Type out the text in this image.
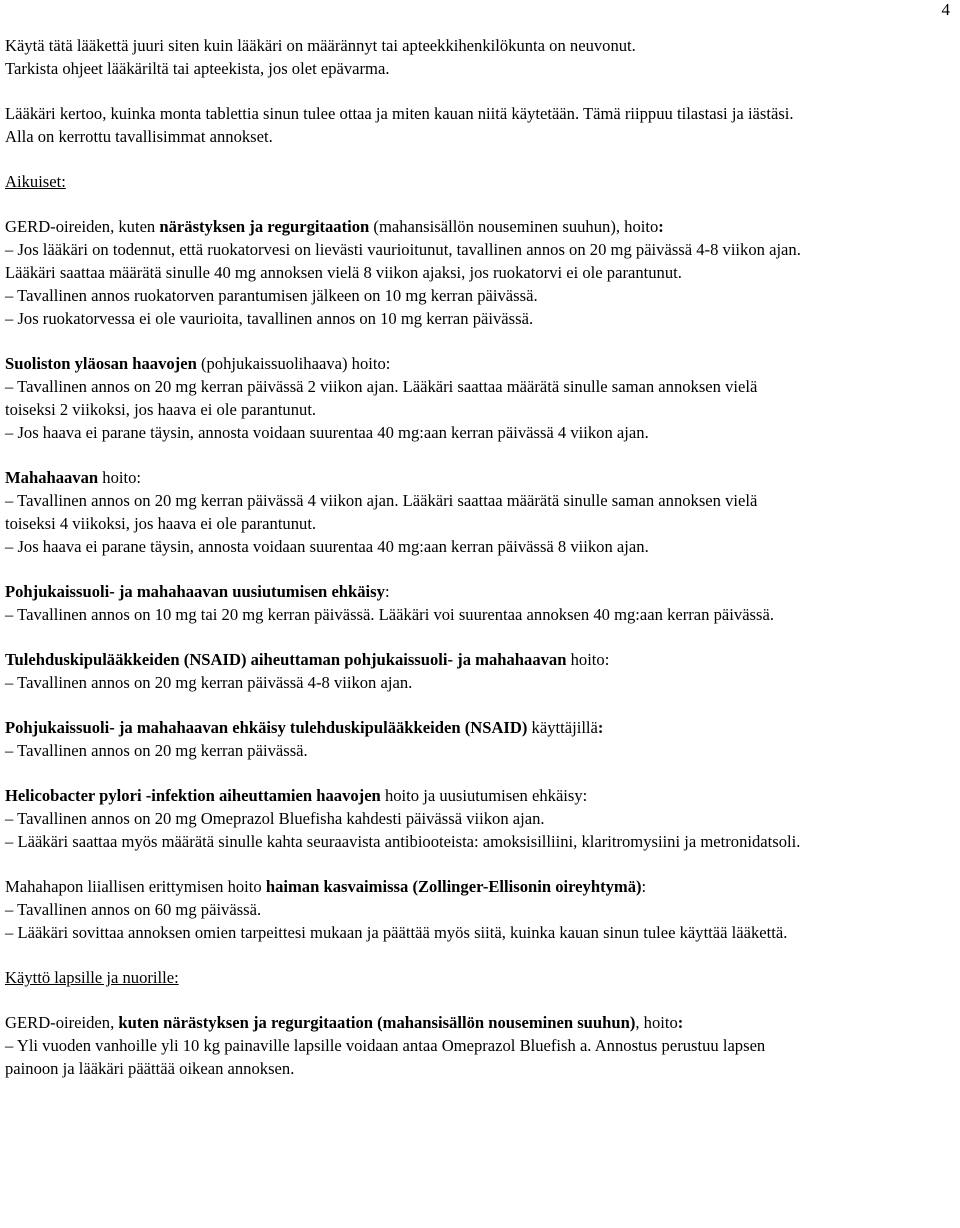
4

Käytä tätä lääkettä juuri siten kuin lääkäri on määrännyt tai apteekkihenkilökunta on neuvonut.
Tarkista ohjeet lääkäriltä tai apteekista, jos olet epävarma.

Lääkäri kertoo, kuinka monta tablettia sinun tulee ottaa ja miten kauan niitä käytetään. Tämä riippuu tilastasi ja iästäsi.

Alla on kerrottu tavallisimmat annokset.

Aikuiset:

GERD-oireiden, kuten närästyksen ja regurgitaation (mahansisällön nouseminen suuhun), hoito:
– Jos lääkäri on todennut, että ruokatorvesi on lievästi vaurioitunut, tavallinen annos on 20 mg päivässä 4-8 viikon ajan. Lääkäri saattaa määrätä sinulle 40 mg annoksen vielä 8 viikon ajaksi, jos ruokatorvi ei ole parantunut.
– Tavallinen annos ruokatorven parantumisen jälkeen on 10 mg kerran päivässä.
– Jos ruokatorvessa ei ole vaurioita, tavallinen annos on 10 mg kerran päivässä.

Suoliston yläosan haavojen (pohjukaissuolihaava) hoito:
– Tavallinen annos on 20 mg kerran päivässä 2 viikon ajan. Lääkäri saattaa määrätä sinulle saman annoksen vielä toiseksi 2 viikoksi, jos haava ei ole parantunut.
– Jos haava ei parane täysin, annosta voidaan suurentaa 40 mg:aan kerran päivässä 4 viikon ajan.

Mahahaavan hoito:
– Tavallinen annos on 20 mg kerran päivässä 4 viikon ajan. Lääkäri saattaa määrätä sinulle saman annoksen vielä toiseksi 4 viikoksi, jos haava ei ole parantunut.
– Jos haava ei parane täysin, annosta voidaan suurentaa 40 mg:aan kerran päivässä 8 viikon ajan.

Pohjukaissuoli- ja mahahaavan uusiutumisen ehkäisy:
– Tavallinen annos on 10 mg tai 20 mg kerran päivässä. Lääkäri voi suurentaa annoksen 40 mg:aan kerran päivässä.

Tulehduskipulääkkeiden (NSAID) aiheuttaman pohjukaissuoli- ja mahahaavan hoito:
– Tavallinen annos on 20 mg kerran päivässä 4-8 viikon ajan.

Pohjukaissuoli- ja mahahaavan ehkäisy tulehduskipulääkkeiden (NSAID) käyttäjillä:
– Tavallinen annos on 20 mg kerran päivässä.

Helicobacter pylori -infektion aiheuttamien haavojen hoito ja uusiutumisen ehkäisy:
– Tavallinen annos on 20 mg Omeprazol Bluefisha kahdesti päivässä viikon ajan.
– Lääkäri saattaa myös määrätä sinulle kahta seuraavista antibiooteista: amoksisilliini, klaritromysiini ja metronidatsoli.

Mahahapon liiallisen erittymisen hoito haiman kasvaimissa (Zollinger-Ellisonin oireyhtymä):
– Tavallinen annos on 60 mg päivässä.
– Lääkäri sovittaa annoksen omien tarpeittesi mukaan ja päättää myös siitä, kuinka kauan sinun tulee käyttää lääkettä.

Käyttö lapsille ja nuorille:

GERD-oireiden, kuten närästyksen ja regurgitaation (mahansisällön nouseminen suuhun), hoito:
– Yli vuoden vanhoille yli 10 kg painaville lapsille voidaan antaa Omeprazol Bluefish a. Annostus perustuu lapsen painoon ja lääkäri päättää oikean annoksen.
